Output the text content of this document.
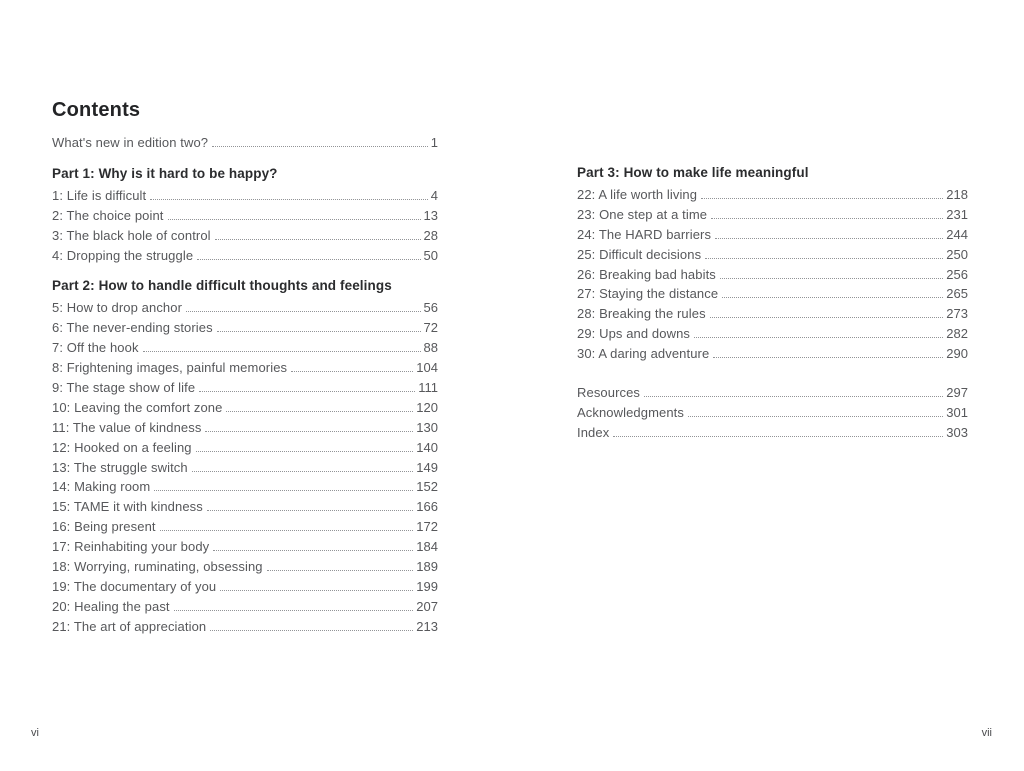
Contents
What's new in edition two?	1
Part 1: Why is it hard to be happy?
1: Life is difficult	4
2: The choice point	13
3: The black hole of control	28
4: Dropping the struggle	50
Part 2: How to handle difficult thoughts and feelings
5: How to drop anchor	56
6: The never-ending stories	72
7: Off the hook	88
8: Frightening images, painful memories	104
9: The stage show of life	111
10: Leaving the comfort zone	120
11: The value of kindness	130
12: Hooked on a feeling	140
13: The struggle switch	149
14: Making room	152
15: TAME it with kindness	166
16: Being present	172
17: Reinhabiting your body	184
18: Worrying, ruminating, obsessing	189
19: The documentary of you	199
20: Healing the past	207
21: The art of appreciation	213
Part 3: How to make life meaningful
22: A life worth living	218
23: One step at a time	231
24: The HARD barriers	244
25: Difficult decisions	250
26: Breaking bad habits	256
27: Staying the distance	265
28: Breaking the rules	273
29: Ups and downs	282
30: A daring adventure	290
Resources	297
Acknowledgments	301
Index	303
vi	vii
